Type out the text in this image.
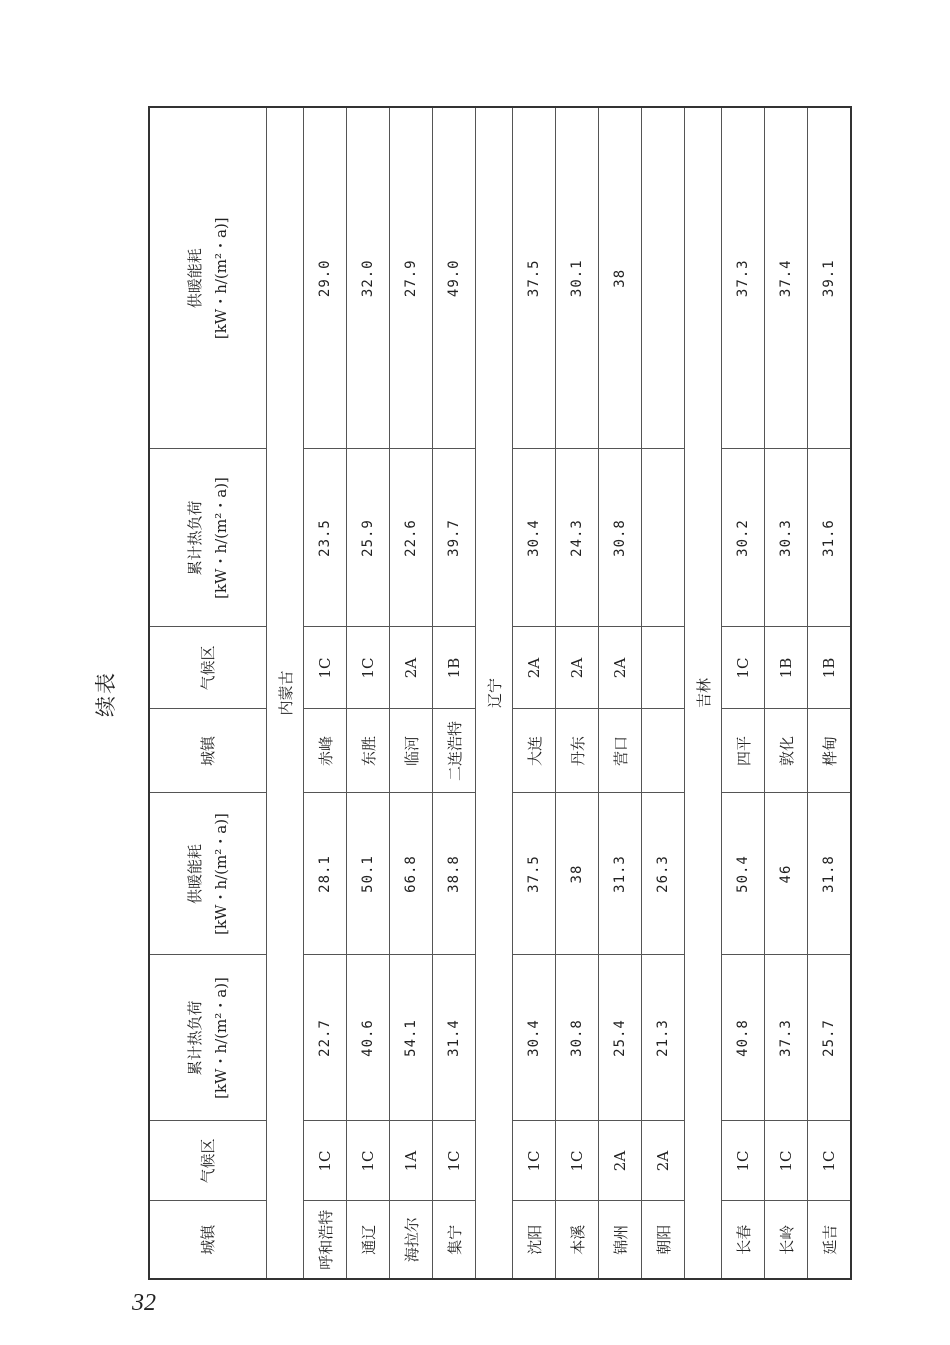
续表
城镇	气候区	累计热负荷 [kW・h/(m²・a)]	供暖能耗 [kW・h/(m²・a)]	城镇	气候区	累计热负荷 [kW・h/(m²・a)]	供暖能耗 [kW・h/(m²・a)]
内蒙古							
呼和浩特	1C	22.7	28.1	赤峰	1C	23.5	29.0
通辽	1C	40.6	50.1	东胜	1C	25.9	32.0
海拉尔	1A	54.1	66.8	临河	2A	22.6	27.9
集宁	1C	31.4	38.8	二连浩特	1B	39.7	49.0
辽宁							
沈阳	1C	30.4	37.5	大连	2A	30.4	37.5
本溪	1C	30.8	38	丹东	2A	24.3	30.1
锦州	2A	25.4	31.3	营口	2A	30.8	38
朝阳	2A	21.3	26.3				
吉林							
长春	1C	40.8	50.4	四平	1C	30.2	37.3
长岭	1C	37.3	46	敦化	1B	30.3	37.4
延吉	1C	25.7	31.8	桦甸	1B	31.6	39.1
32
